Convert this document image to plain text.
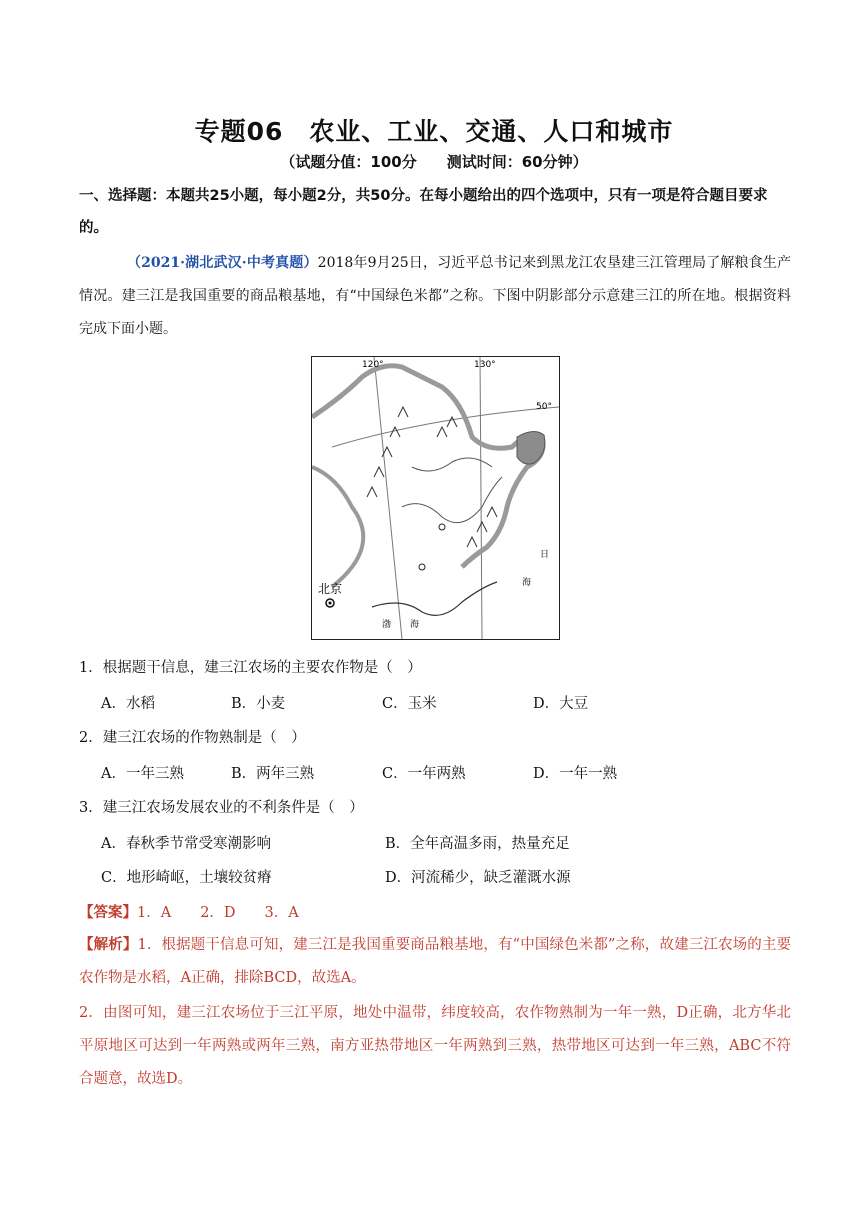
专题06　农业、工业、交通、人口和城市
（试题分值：100分　　测试时间：60分钟）
一、选择题：本题共25小题，每小题2分，共50分。在每小题给出的四个选项中，只有一项是符合题目要求的。
（2021·湖北武汉·中考真题）2018年9月25日，习近平总书记来到黑龙江农垦建三江管理局了解粮食生产情况。建三江是我国重要的商品粮基地，有“中国绿色米都”之称。下图中阴影部分示意建三江的所在地。根据资料完成下面小题。
120°	130°
50°
北京
日
海
渤 海
1．根据题干信息，建三江农场的主要农作物是（　）
A．水稻	B．小麦	C．玉米	D．大豆
2．建三江农场的作物熟制是（　）
A．一年三熟	B．两年三熟	C．一年两熟	D．一年一熟
3．建三江农场发展农业的不利条件是（　）
A．春秋季节常受寒潮影响	B．全年高温多雨，热量充足
C．地形崎岖，土壤较贫瘠	D．河流稀少，缺乏灌溉水源
【答案】1．A　　2．D　　3．A
【解析】1．根据题干信息可知，建三江是我国重要商品粮基地，有“中国绿色米都”之称，故建三江农场的主要农作物是水稻，A正确，排除BCD，故选A。
2．由图可知，建三江农场位于三江平原，地处中温带，纬度较高，农作物熟制为一年一熟，D正确，北方华北平原地区可达到一年两熟或两年三熟，南方亚热带地区一年两熟到三熟，热带地区可达到一年三熟，ABC不符合题意，故选D。
